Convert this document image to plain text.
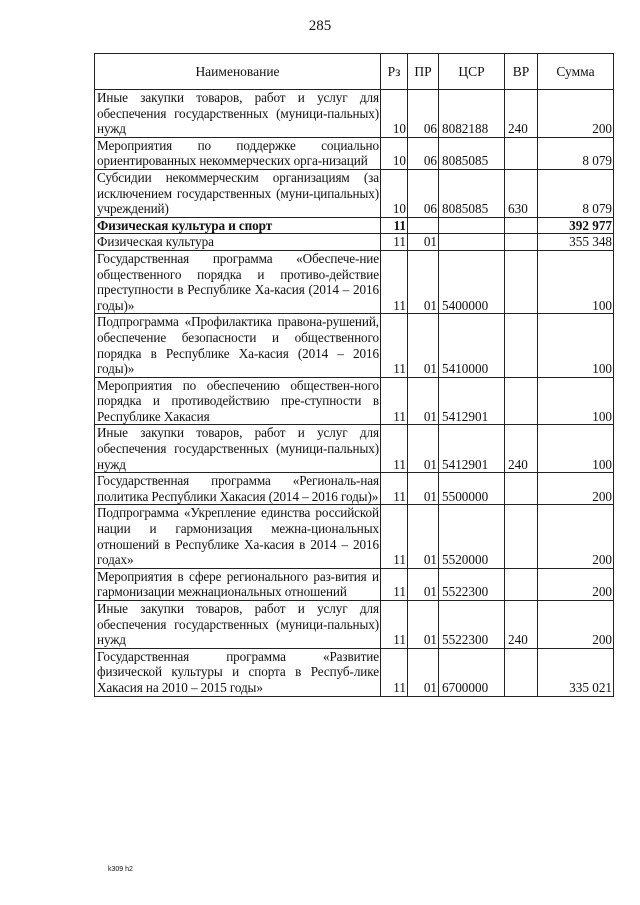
285
Наименование	Рз	ПР	ЦСР	ВР	Сумма
Иные закупки товаров, работ и услуг для обеспечения государственных (муници-пальных) нужд	10	06	8082188	240	200
Мероприятия по поддержке социально ориентированных некоммерческих орга-низаций	10	06	8085085		8 079
Субсидии некоммерческим организациям (за исключением государственных (муни-ципальных) учреждений)	10	06	8085085	630	8 079
Физическая культура и спорт	11				392 977
Физическая культура	11	01			355 348
Государственная программа «Обеспече-ние общественного порядка и противо-действие преступности в Республике Ха-касия (2014 – 2016 годы)»	11	01	5400000		100
Подпрограмма «Профилактика правона-рушений, обеспечение безопасности и общественного порядка в Республике Ха-касия (2014 – 2016 годы)»	11	01	5410000		100
Мероприятия по обеспечению обществен-ного порядка и противодействию пре-ступности в Республике Хакасия	11	01	5412901		100
Иные закупки товаров, работ и услуг для обеспечения государственных (муници-пальных) нужд	11	01	5412901	240	100
Государственная программа «Региональ-ная политика Республики Хакасия (2014 – 2016 годы)»	11	01	5500000		200
Подпрограмма «Укрепление единства российской нации и гармонизация межна-циональных отношений в Республике Ха-касия в 2014 – 2016 годах»	11	01	5520000		200
Мероприятия в сфере регионального раз-вития и гармонизации межнациональных отношений	11	01	5522300		200
Иные закупки товаров, работ и услуг для обеспечения государственных (муници-пальных) нужд	11	01	5522300	240	200
Государственная программа «Развитие физической культуры и спорта в Респуб-лике Хакасия на 2010 – 2015 годы»	11	01	6700000		335 021
k309 h2
